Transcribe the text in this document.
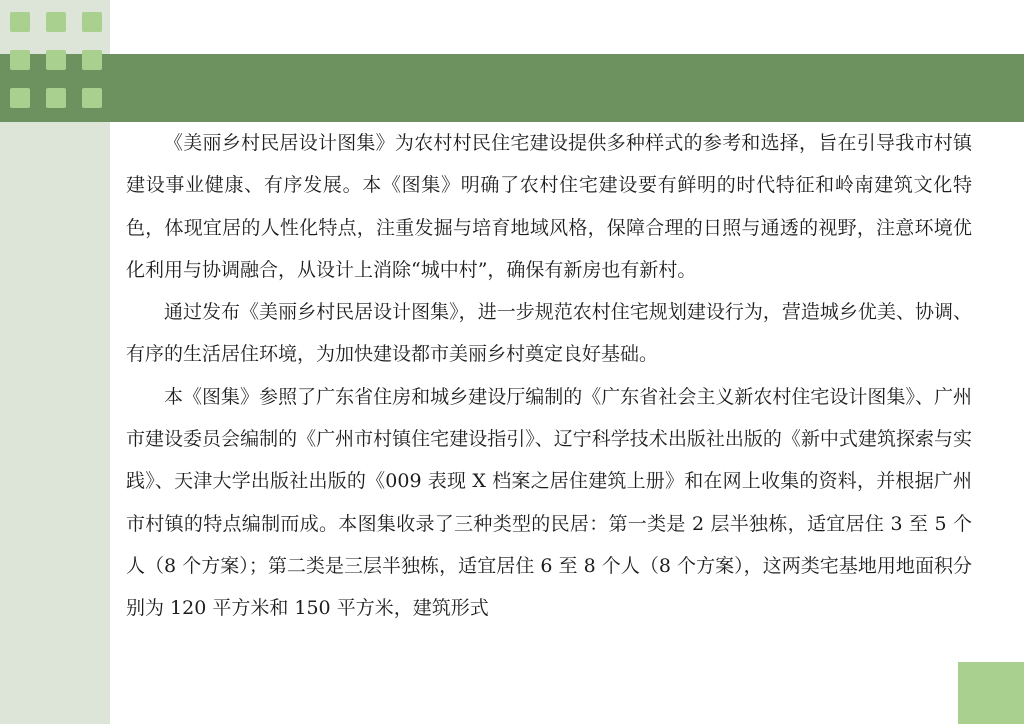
《美丽乡村民居设计图集》为农村村民住宅建设提供多种样式的参考和选择，旨在引导我市村镇建设事业健康、有序发展。本《图集》明确了农村住宅建设要有鲜明的时代特征和岭南建筑文化特色，体现宜居的人性化特点，注重发掘与培育地域风格，保障合理的日照与通透的视野，注意环境优化利用与协调融合，从设计上消除“城中村”，确保有新房也有新村。

通过发布《美丽乡村民居设计图集》，进一步规范农村住宅规划建设行为，营造城乡优美、协调、有序的生活居住环境，为加快建设都市美丽乡村奠定良好基础。

本《图集》参照了广东省住房和城乡建设厅编制的《广东省社会主义新农村住宅设计图集》、广州市建设委员会编制的《广州市村镇住宅建设指引》、辽宁科学技术出版社出版的《新中式建筑探索与实践》、天津大学出版社出版的《009 表现 X 档案之居住建筑上册》和在网上收集的资料，并根据广州市村镇的特点编制而成。本图集收录了三种类型的民居：第一类是 2 层半独栋，适宜居住 3 至 5 个人（8 个方案）；第二类是三层半独栋，适宜居住 6 至 8 个人（8 个方案），这两类宅基地用地面积分别为 120 平方米和 150 平方米，建筑形式
